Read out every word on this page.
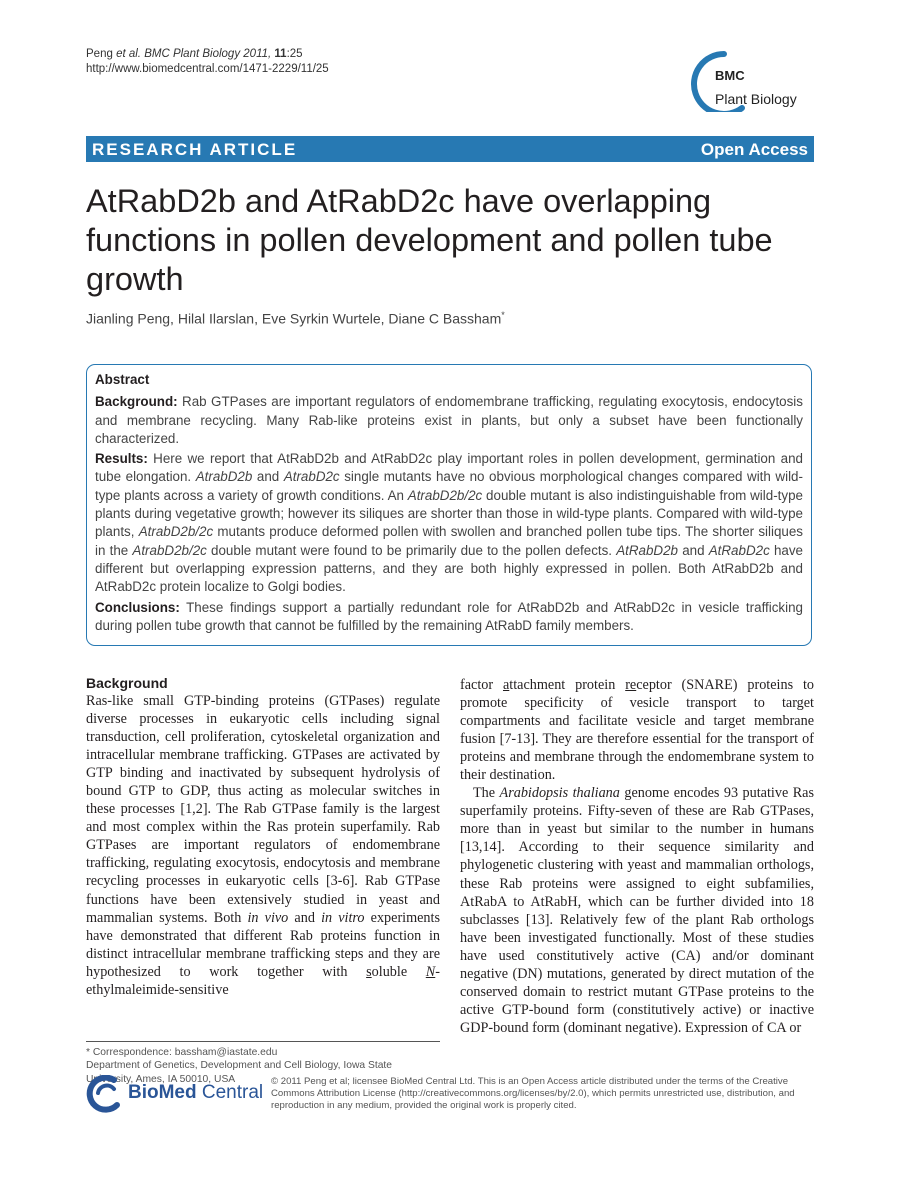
Peng et al. BMC Plant Biology 2011, 11:25
http://www.biomedcentral.com/1471-2229/11/25	BMC
Plant Biology
RESEARCH ARTICLE	Open Access
AtRabD2b and AtRabD2c have overlapping functions in pollen development and pollen tube growth
Jianling Peng, Hilal Ilarslan, Eve Syrkin Wurtele, Diane C Bassham*
Abstract

Background: Rab GTPases are important regulators of endomembrane trafficking, regulating exocytosis, endocytosis and membrane recycling. Many Rab-like proteins exist in plants, but only a subset have been functionally characterized.

Results: Here we report that AtRabD2b and AtRabD2c play important roles in pollen development, germination and tube elongation. AtrabD2b and AtrabD2c single mutants have no obvious morphological changes compared with wild-type plants across a variety of growth conditions. An AtrabD2b/2c double mutant is also indistinguishable from wild-type plants during vegetative growth; however its siliques are shorter than those in wild-type plants. Compared with wild-type plants, AtrabD2b/2c mutants produce deformed pollen with swollen and branched pollen tube tips. The shorter siliques in the AtrabD2b/2c double mutant were found to be primarily due to the pollen defects. AtRabD2b and AtRabD2c have different but overlapping expression patterns, and they are both highly expressed in pollen. Both AtRabD2b and AtRabD2c protein localize to Golgi bodies.

Conclusions: These findings support a partially redundant role for AtRabD2b and AtRabD2c in vesicle trafficking during pollen tube growth that cannot be fulfilled by the remaining AtRabD family members.

Background

Ras-like small GTP-binding proteins (GTPases) regulate diverse processes in eukaryotic cells including signal transduction, cell proliferation, cytoskeletal organization and intracellular membrane trafficking. GTPases are activated by GTP binding and inactivated by subsequent hydrolysis of bound GTP to GDP, thus acting as molecular switches in these processes [1,2]. The Rab GTPase family is the largest and most complex within the Ras protein superfamily. Rab GTPases are important regulators of endomembrane trafficking, regulating exocytosis, endocytosis and membrane recycling processes in eukaryotic cells [3-6]. Rab GTPase functions have been extensively studied in yeast and mammalian systems. Both in vivo and in vitro experiments have demonstrated that different Rab proteins function in distinct intracellular membrane trafficking steps and they are hypothesized to work together with soluble N-ethylmaleimide-sensitive

factor attachment protein receptor (SNARE) proteins to promote specificity of vesicle transport to target compartments and facilitate vesicle and target membrane fusion [7-13]. They are therefore essential for the transport of proteins and membrane through the endomembrane system to their destination.

The Arabidopsis thaliana genome encodes 93 putative Ras superfamily proteins. Fifty-seven of these are Rab GTPases, more than in yeast but similar to the number in humans [13,14]. According to their sequence similarity and phylogenetic clustering with yeast and mammalian orthologs, these Rab proteins were assigned to eight subfamilies, AtRabA to AtRabH, which can be further divided into 18 subclasses [13]. Relatively few of the plant Rab orthologs have been investigated functionally. Most of these studies have used constitutively active (CA) and/or dominant negative (DN) mutations, generated by direct mutation of the conserved domain to restrict mutant GTPase proteins to the active GTP-bound form (constitutively active) or inactive GDP-bound form (dominant negative). Expression of CA or

* Correspondence: bassham@iastate.edu
Department of Genetics, Development and Cell Biology, Iowa State University, Ames, IA 50010, USA
BioMed Central
© 2011 Peng et al; licensee BioMed Central Ltd. This is an Open Access article distributed under the terms of the Creative Commons Attribution License (http://creativecommons.org/licenses/by/2.0), which permits unrestricted use, distribution, and reproduction in any medium, provided the original work is properly cited.
